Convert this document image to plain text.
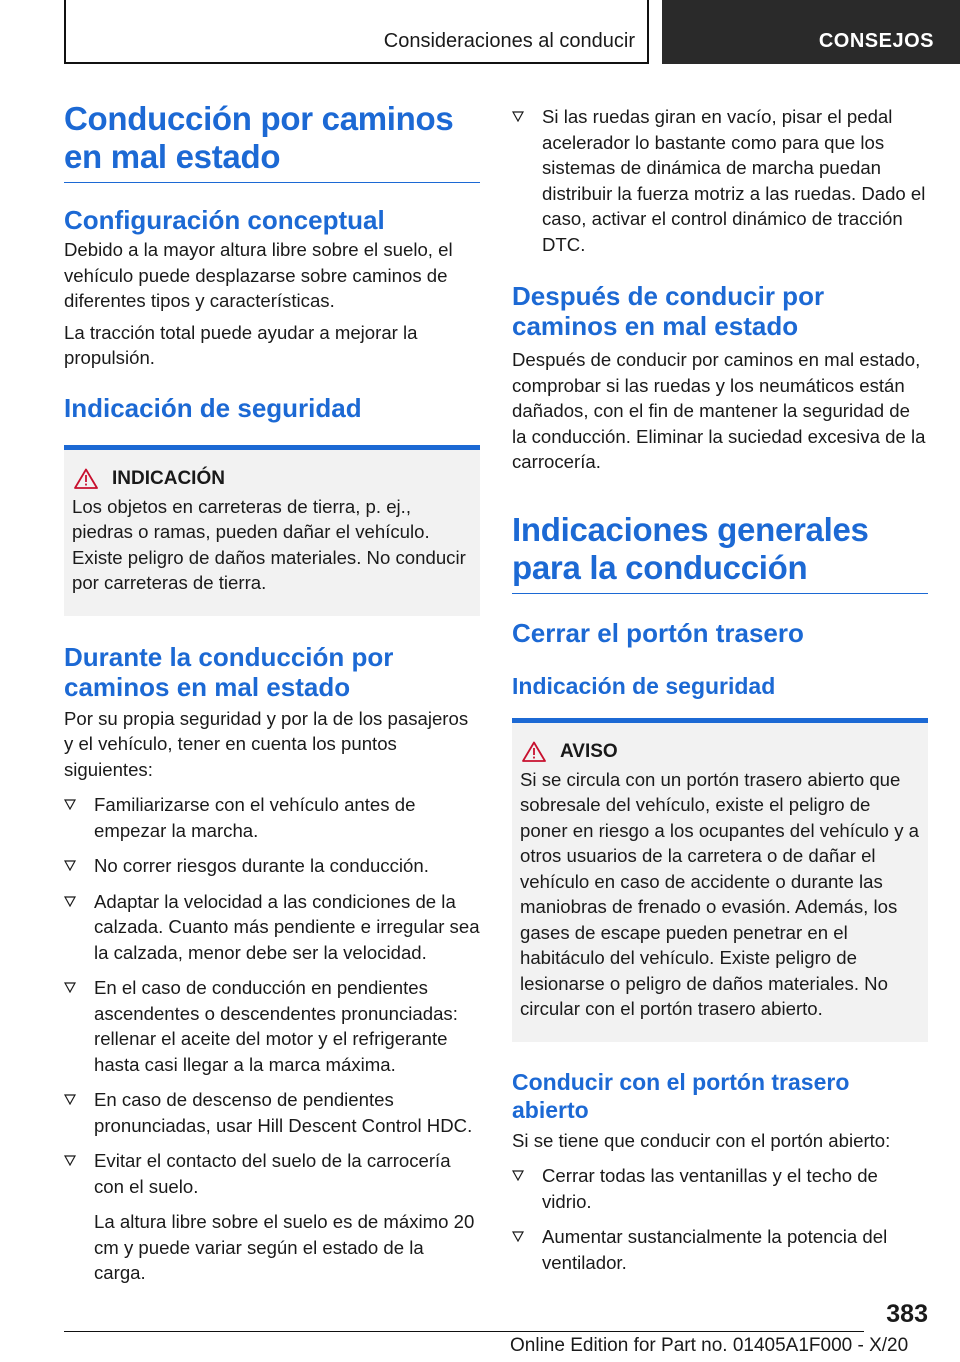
Consideraciones al conducir	CONSEJOS
Conducción por caminos en mal estado
Configuración conceptual

Debido a la mayor altura libre sobre el suelo, el vehículo puede desplazarse sobre caminos de diferentes tipos y características.

La tracción total puede ayudar a mejorar la propulsión.

Indicación de seguridad
INDICACIÓN

Los objetos en carreteras de tierra, p. ej., piedras o ramas, pueden dañar el vehículo. Existe peligro de daños materiales. No conducir por carreteras de tierra.

Durante la conducción por caminos en mal estado

Por su propia seguridad y por la de los pasajeros y el vehículo, tener en cuenta los puntos siguientes:

Familiarizarse con el vehículo antes de empezar la marcha.
No correr riesgos durante la conducción.
Adaptar la velocidad a las condiciones de la calzada. Cuanto más pendiente e irregular sea la calzada, menor debe ser la velocidad.
En el caso de conducción en pendientes ascendentes o descendentes pronunciadas: rellenar el aceite del motor y el refrigerante hasta casi llegar a la marca máxima.
En caso de descenso de pendientes pronunciadas, usar Hill Descent Control HDC.
Evitar el contacto del suelo de la carrocería con el suelo.
La altura libre sobre el suelo es de máximo 20 cm y puede variar según el estado de la carga.
Si las ruedas giran en vacío, pisar el pedal acelerador lo bastante como para que los sistemas de dinámica de marcha puedan distribuir la fuerza motriz a las ruedas. Dado el caso, activar el control dinámico de tracción DTC.
Después de conducir por caminos en mal estado

Después de conducir por caminos en mal estado, comprobar si las ruedas y los neumáticos están dañados, con el fin de mantener la seguridad de la conducción. Eliminar la suciedad excesiva de la carrocería.

Indicaciones generales para la conducción
Cerrar el portón trasero
Indicación de seguridad
AVISO

Si se circula con un portón trasero abierto que sobresale del vehículo, existe el peligro de poner en riesgo a los ocupantes del vehículo y a otros usuarios de la carretera o de dañar el vehículo en caso de accidente o durante las maniobras de frenado o evasión. Además, los gases de escape pueden penetrar en el habitáculo del vehículo. Existe peligro de lesionarse o peligro de daños materiales. No circular con el portón trasero abierto.

Conducir con el portón trasero abierto

Si se tiene que conducir con el portón abierto:

Cerrar todas las ventanillas y el techo de vidrio.
Aumentar sustancialmente la potencia del ventilador.
383
Online Edition for Part no. 01405A1F000 - X/20
